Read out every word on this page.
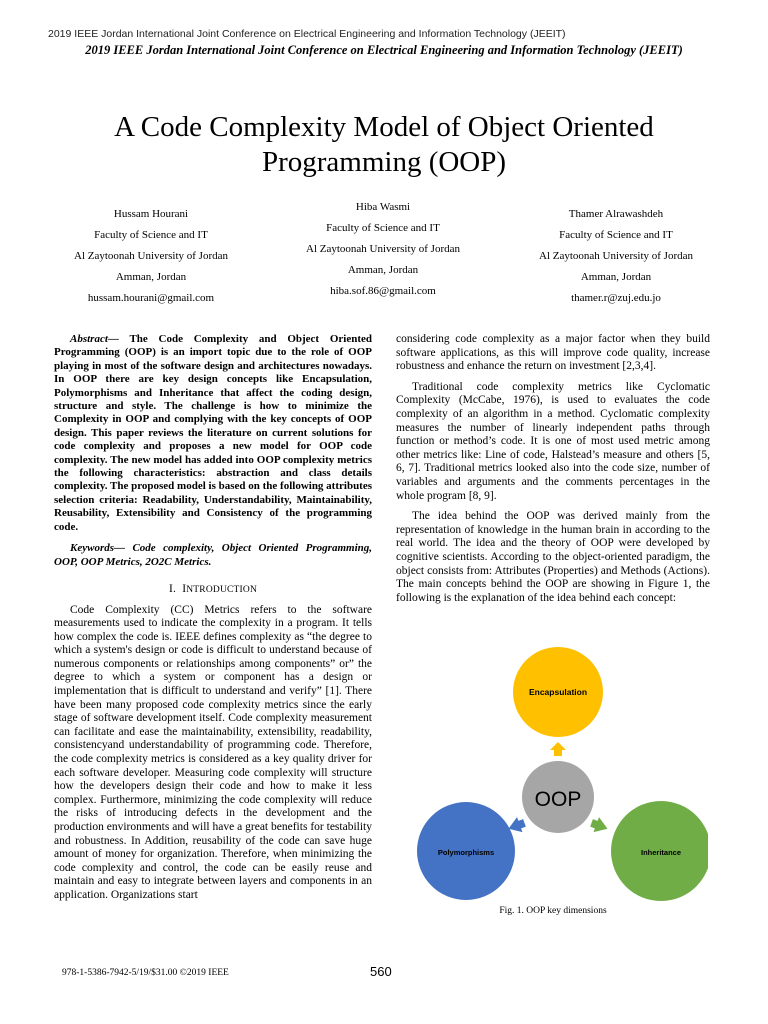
2019 IEEE Jordan International Joint Conference on Electrical Engineering and Information Technology (JEEIT)
2019 IEEE Jordan International Joint Conference on Electrical Engineering and Information Technology (JEEIT)
A Code Complexity Model of Object Oriented Programming (OOP)
Hussam Hourani
Faculty of Science and IT
Al Zaytoonah University of Jordan
Amman, Jordan
hussam.hourani@gmail.com
Hiba Wasmi
Faculty of Science and IT
Al Zaytoonah University of Jordan
Amman, Jordan
hiba.sof.86@gmail.com
Thamer Alrawashdeh
Faculty of Science and IT
Al Zaytoonah University of Jordan
Amman, Jordan
thamer.r@zuj.edu.jo

Abstract— The Code Complexity and Object Oriented Programming (OOP) is an import topic due to the role of OOP playing in most of the software design and architectures nowadays. In OOP there are key design concepts like Encapsulation, Polymorphisms and Inheritance that affect the coding design, structure and style. The challenge is how to minimize the Complexity in OOP and complying with the key concepts of OOP design. This paper reviews the literature on current solutions for code complexity and proposes a new model for OOP code complexity. The new model has added into OOP complexity metrics the following characteristics: abstraction and class details complexity. The proposed model is based on the following attributes selection criteria: Readability, Understandability, Maintainability, Reusability, Extensibility and Consistency of the programming code.

Keywords— Code complexity, Object Oriented Programming, OOP, OOP Metrics, 2O2C Metrics.

I. INTRODUCTION

Code Complexity (CC) Metrics refers to the software measurements used to indicate the complexity in a program. It tells how complex the code is. IEEE defines complexity as “the degree to which a system's design or code is difficult to understand because of numerous components or relationships among components” or” the degree to which a system or component has a design or implementation that is difficult to understand and verify” [1]. There have been many proposed code complexity metrics since the early stage of software development itself. Code complexity measurement can facilitate and ease the maintainability, extensibility, readability, consistencyand understandability of programming code. Therefore, the code complexity metrics is considered as a key quality driver for each software developer. Measuring code complexity will structure how the developers design their code and how to make it less complex. Furthermore, minimizing the code complexity will reduce the risks of introducing defects in the development and the production environments and will have a great benefits for testability and robustness. In Addition, reusability of the code can save huge amount of money for organization. Therefore, when minimizing the code complexity and control, the code can be easily reuse and maintain and easy to integrate between layers and components in an application. Organizations start

considering code complexity as a major factor when they build software applications, as this will improve code quality, increase robustness and enhance the return on investment [2,3,4].

Traditional code complexity metrics like Cyclomatic Complexity (McCabe, 1976), is used to evaluates the code complexity of an algorithm in a method. Cyclomatic complexity measures the number of linearly independent paths through function or method’s code. It is one of most used metric among other metrics like: Line of code, Halstead’s measure and others [5, 6, 7]. Traditional metrics looked also into the code size, number of variables and arguments and the comments percentages in the whole program [8, 9].

The idea behind the OOP was derived mainly from the representation of knowledge in the human brain in according to the real world. The idea and the theory of OOP were developed by cognitive scientists. According to the object-oriented paradigm, the object consists from: Attributes (Properties) and Methods (Actions). The main concepts behind the OOP are showing in Figure 1, the following is the explanation of the idea behind each concept:

Encapsulation
OOP
Polymorphisms	Inheritance
Fig. 1. OOP key dimensions
978-1-5386-7942-5/19/$31.00 ©2019 IEEE	560
